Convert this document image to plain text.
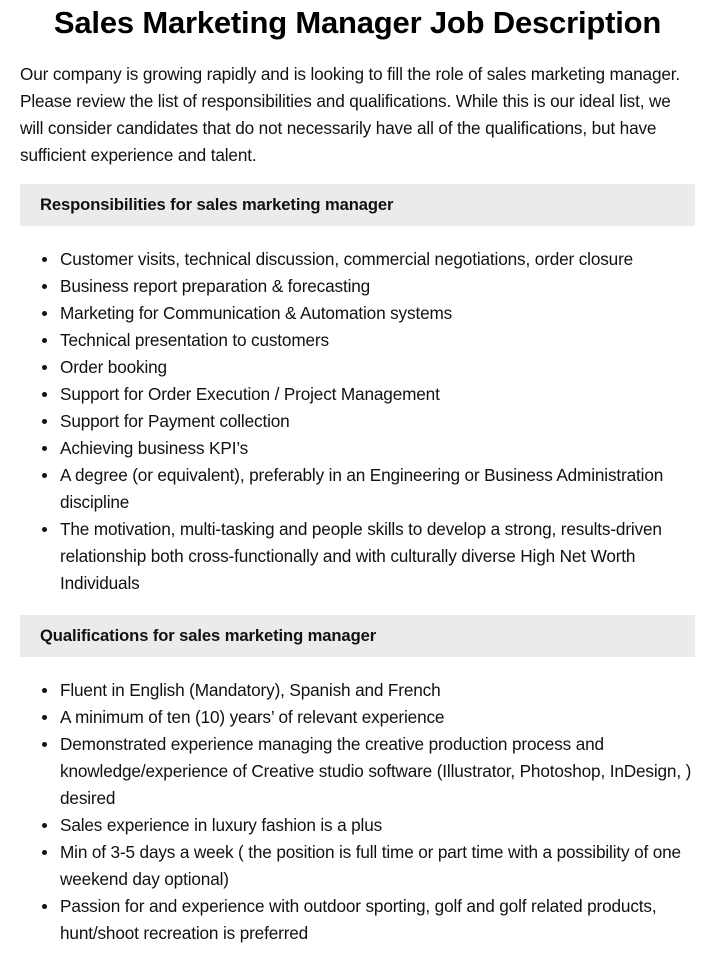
Sales Marketing Manager Job Description

Our company is growing rapidly and is looking to fill the role of sales marketing manager. Please review the list of responsibilities and qualifications. While this is our ideal list, we will consider candidates that do not necessarily have all of the qualifications, but have sufficient experience and talent.

Responsibilities for sales marketing manager
Customer visits, technical discussion, commercial negotiations, order closure
Business report preparation & forecasting
Marketing for Communication & Automation systems
Technical presentation to customers
Order booking
Support for Order Execution / Project Management
Support for Payment collection
Achieving business KPI’s
A degree (or equivalent), preferably in an Engineering or Business Administration discipline
The motivation, multi-tasking and people skills to develop a strong, results-driven relationship both cross-functionally and with culturally diverse High Net Worth Individuals
Qualifications for sales marketing manager
Fluent in English (Mandatory), Spanish and French
A minimum of ten (10) years’ of relevant experience
Demonstrated experience managing the creative production process and knowledge/experience of Creative studio software (Illustrator, Photoshop, InDesign, ) desired
Sales experience in luxury fashion is a plus
Min of 3-5 days a week ( the position is full time or part time with a possibility of one weekend day optional)
Passion for and experience with outdoor sporting, golf and golf related products, hunt/shoot recreation is preferred
